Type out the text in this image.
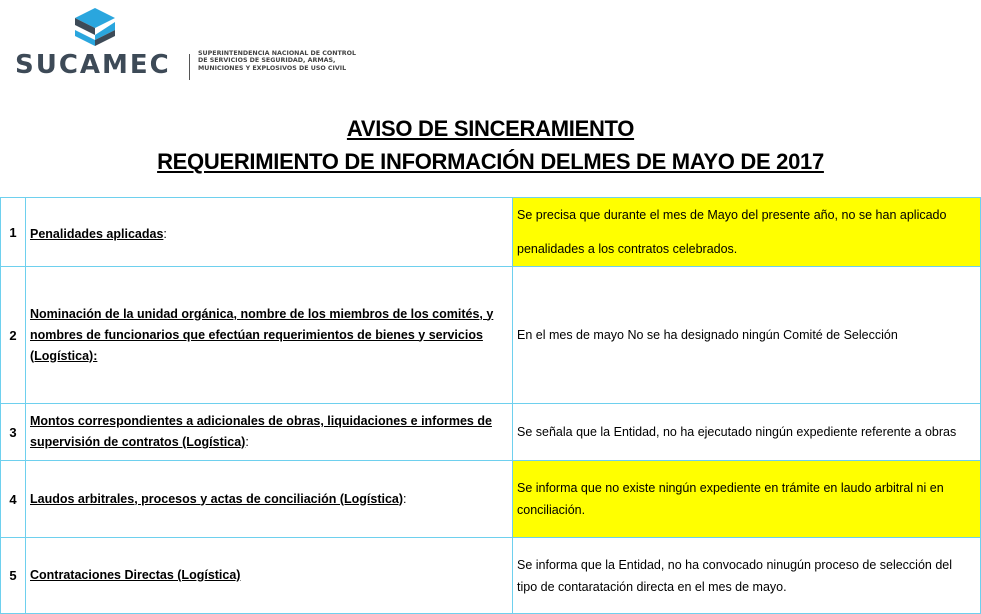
SUCAMEC	SUPERINTENDENCIA NACIONAL DE CONTROL DE SERVICIOS DE SEGURIDAD, ARMAS, MUNICIONES Y EXPLOSIVOS DE USO CIVIL
AVISO DE SINCERAMIENTO
REQUERIMIENTO DE INFORMACIÓN DELMES DE MAYO DE 2017
1	Penalidades aplicadas:	Se precisa que durante el mes de Mayo del presente año, no se han aplicado penalidades a los contratos celebrados.
2	Nominación de la unidad orgánica, nombre de los miembros de los comités, y nombres de funcionarios que efectúan requerimientos de bienes y servicios (Logística):	En el mes de mayo No se ha designado ningún Comité de Selección
3	Montos correspondientes a adicionales de obras, liquidaciones e informes de supervisión de contratos (Logística):	Se señala que la Entidad, no ha ejecutado ningún expediente referente a obras
4	Laudos arbitrales, procesos y actas de conciliación (Logística):	Se informa que no existe ningún expediente en trámite en laudo arbitral ni en conciliación.
5	Contrataciones Directas (Logística)	Se informa que la Entidad, no ha convocado ninugún proceso de selección del tipo de contaratación directa en el mes de mayo.
